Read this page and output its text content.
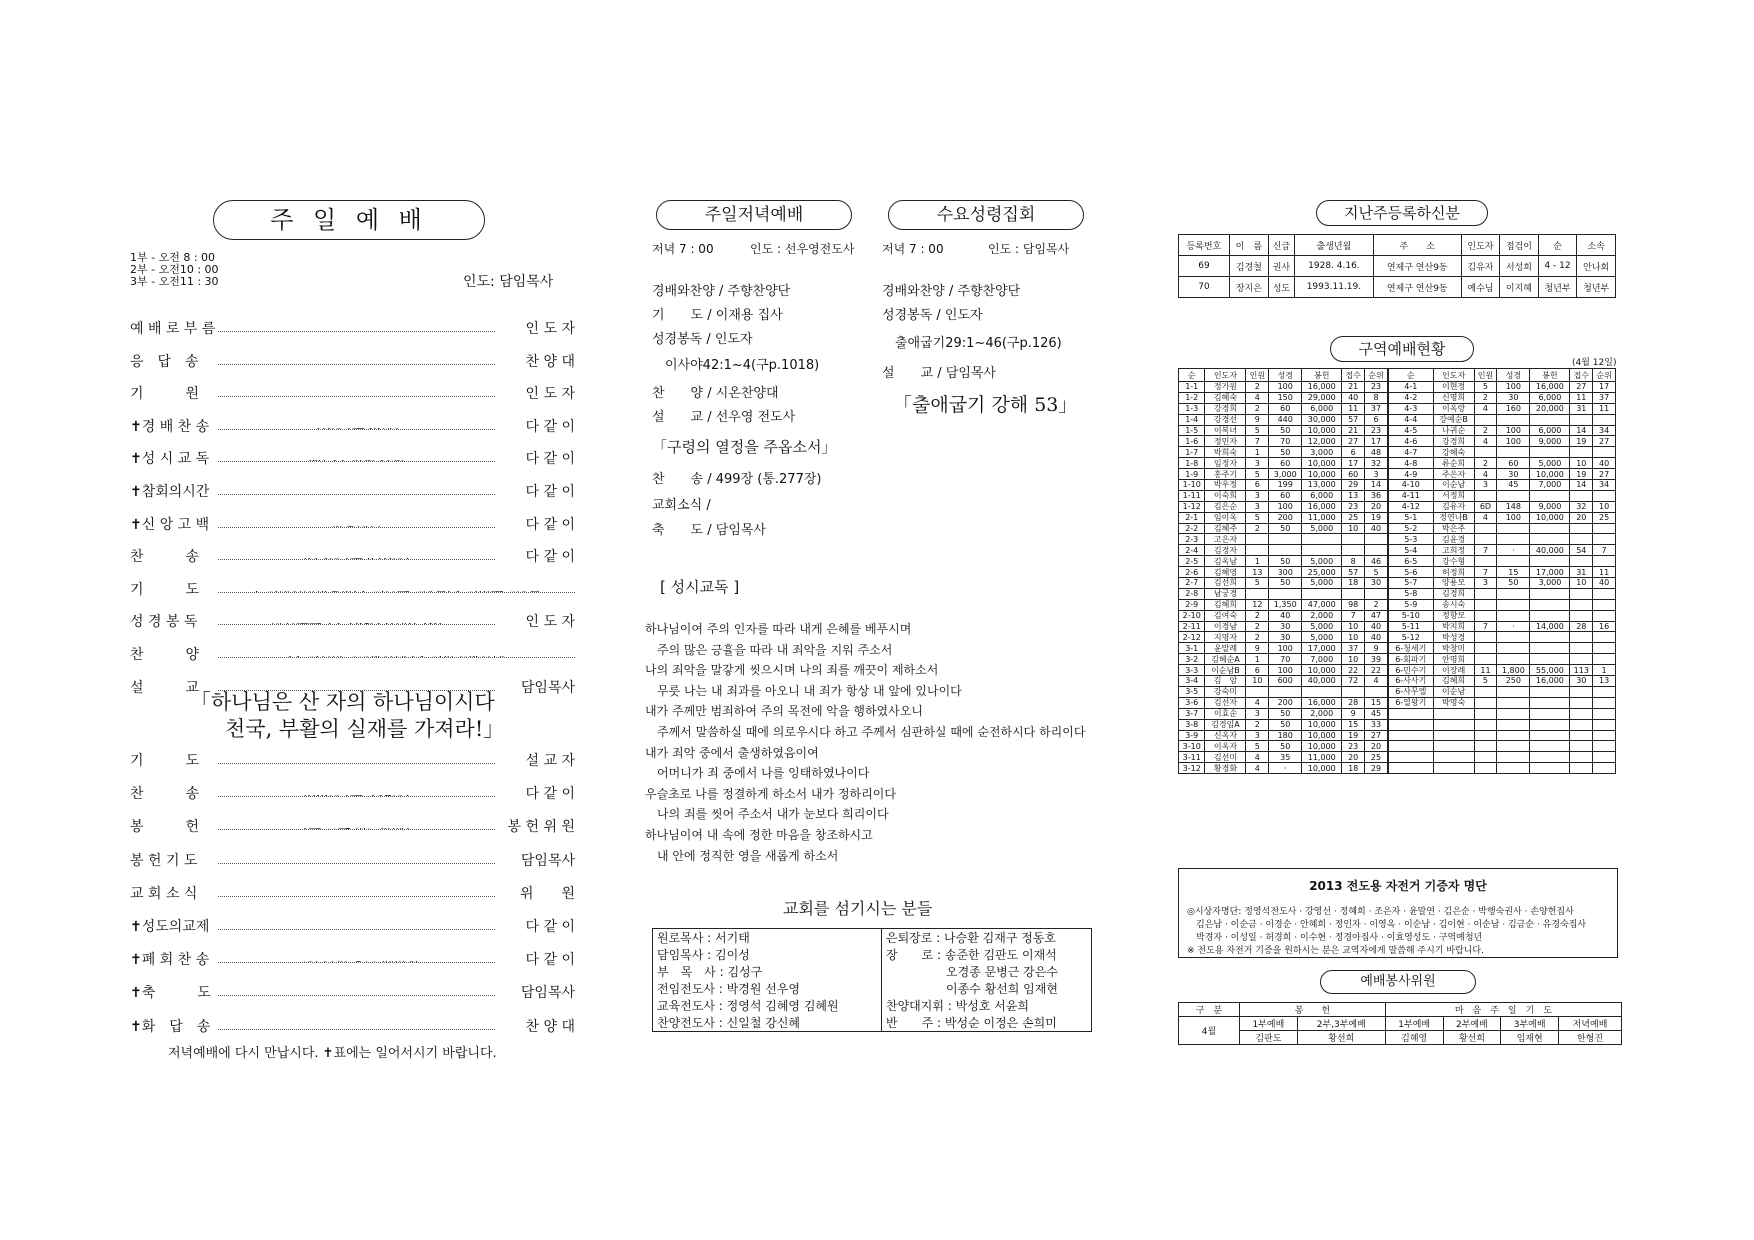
주 일 예 배
1부 - 오전 8 : 00
2부 - 오전10 : 00
3부 - 오전11 : 30	인도: 담임목사
예 배 로 부 름	인 도 자
응　답　송	찬 양 대
기　　　원	인 도 자
✝경 배 찬 송	다 같 이
✝성 시 교 독	다 같 이
✝참회의시간	다 같 이
✝신 앙 고 백	다 같 이
찬　　　송	다 같 이
기　　　도
성 경 봉 독	인 도 자
찬　　　양
설　　　교	담임목사
「하나님은 산 자의 하나님이시다
천국, 부활의 실재를 가져라!」
기　　　도	설 교 자
찬　　　송	다 같 이
봉　　　헌	봉 헌 위 원
봉 헌 기 도	담임목사
교 회 소 식	위　　원
✝성도의교제	다 같 이
✝폐 회 찬 송	다 같 이
✝축　　　도	담임목사
✝화　답　송	찬 양 대
저녁예배에 다시 만납시다. ✝표에는 일어서시기 바랍니다.
주일저녁예배	수요성령집회
저녁 7 : 00	인도 : 선우영전도사 저녁 7 : 00	인도 : 담임목사
경배와찬양 / 주향찬양단
기　　도 / 이재용 집사
성경봉독 / 인도자
　이사야42:1~4(구p.1018)
찬　　양 / 시온찬양대
설　　교 / 선우영 전도사
「구령의 열정을 주옵소서」
찬　　송 / 499장 (통.277장)
교회소식 /
축　　도 / 담임목사
경배와찬양 / 주향찬양단
성경봉독 / 인도자
　출애굽기29:1~46(구p.126)
설　　교 / 담임목사
「출애굽기 강해 53」
[ 성시교독 ]
하나님이여 주의 인자를 따라 내게 은혜를 베푸시며
　주의 많은 긍휼을 따라 내 죄악을 지워 주소서
나의 죄악을 말갛게 씻으시며 나의 죄를 깨끗이 제하소서
　무릇 나는 내 죄과를 아오니 내 죄가 항상 내 앞에 있나이다
내가 주께만 범죄하여 주의 목전에 악을 행하였사오니
　주께서 말씀하실 때에 의로우시다 하고 주께서 심판하실 때에 순전하시다 하리이다
내가 죄악 중에서 출생하였음이여
　어머니가 죄 중에서 나를 잉태하였나이다
우슬초로 나를 정결하게 하소서 내가 정하리이다
　나의 죄를 씻어 주소서 내가 눈보다 희리이다
하나님이여 내 속에 정한 마음을 창조하시고
　내 안에 정직한 영을 새롭게 하소서
교회를 섬기시는 분들
원로목사 : 서기태	은퇴장로 : 나승환 김재구 정동호
담임목사 : 김이성	장　　로 : 송준한 김판도 이재석
부　목　사 : 김성구	　　　　　오경종 문병근 강은수
전임전도사 : 박경원 선우영	　　　　　이종수 황선희 임재현
교육전도사 : 정영석 김혜영 김혜원	찬양대지휘 : 박성호 서윤희
찬양전도사 : 신일철 강신혜	반　　주 : 박성순 이정은 손희미
지난주등록하신분
등록번호	이　름	신급	출생년월	주　　소	인도자	접검이	순	소속
69	김경철	권사	1928. 4.16.	연제구 연산9동	김유자	서성희	4 - 12	안나회
70	장지은	성도	1993.11.19.	연제구 연산9동	예수님	이지혜	청년부	청년부
구역예배현황
(4월 12일)
순	인도자	인원	성경	봉헌	접수	순위	순	인도자	인원	성경	봉헌	접수	순위
1-1	정가원	2	100	16,000	21	23	4-1	이현정	5	100	16,000	27	17
1-2	김혜숙	4	150	29,000	40	8	4-2	신명희	2	30	6,000	11	37
1-3	강경희	2	60	6,000	11	37	4-3	이옥랑	4	160	20,000	31	11
1-4	강경선	9	440	30,000	57	6	4-4	강예순B					
1-5	이복녀	5	50	10,000	21	23	4-5	나귀순	2	100	6,000	14	34
1-6	정민자	7	70	12,000	27	17	4-6	강경희	4	100	9,000	19	27
1-7	박희숙	1	50	3,000	6	48	4-7	강혜숙					
1-8	임정자	3	60	10,000	17	32	4-8	류순희	2	60	5,000	10	40
1-9	홍주기	5	3,000	10,000	60	3	4-9	주은자	4	30	10,000	19	27
1-10	박우정	6	199	13,000	29	14	4-10	이순남	3	45	7,000	14	34
1-11	이숙희	3	60	6,000	13	36	4-11	서정희					
1-12	김은순	3	100	16,000	23	20	4-12	김유자	6D	148	9,000	32	10
2-1	임이옥	5	200	11,000	25	19	5-1	정연나B	4	100	10,000	20	25
2-2	김혜주	2	50	5,000	10	40	5-2	박은주					
2-3	고은자						5-3	김윤경					
2-4	김경자						5-4	고희정	7	·	40,000	54	7
2-5	김옥남	1	50	5,000	8	46	6-5	강수형					
2-6	김혜영	13	300	25,000	57	5	5-6	허정희	7	15	17,000	31	11
2-7	김선희	5	50	5,000	18	30	5-7	양용모	3	50	3,000	10	40
2-8	남궁경						5-8	김경희					
2-9	김혜희	12	1,350	47,000	98	2	5-9	송시숙					
2-10	김여숙	2	40	2,000	7	47	5-10	정향모					
2-11	이경남	2	30	5,000	10	40	5-11	박지희	7	·	14,000	28	16
2-12	지명자	2	30	5,000	10	40	5-12	박성경					
3-1	윤말례	9	100	17,000	37	9	6-청세기	박창미					
3-2	김혜순A	1	70	7,000	10	39	6-회파기	안명희					
3-3	이순남B	6	100	10,000	22	22	6-민수기	이장례	11	1,800	55,000	113	1
3-4	김　암	10	600	40,000	72	4	6-사사기	김혜희	5	250	16,000	30	13
3-5	강숙미						6-사무엘	이순남					
3-6	김선자	4	200	16,000	28	15	6-열왕기	박명숙					
3-7	이효순	3	50	2,000	9	45							
3-8	김경임A	2	50	10,000	15	33							
3-9	신옥자	3	180	10,000	19	27							
3-10	이옥자	5	50	10,000	23	20							
3-11	김선미	4	35	11,000	20	25							
3-12	황경화	4	·	10,000	18	29							
2013 전도용 자전거 기증자 명단
◎시상자명단: 정영석전도사 · 강영선 · 정혜희 · 조은자 · 윤말연 · 김은순 · 박행숙권사 · 손양헌집사
　김은남 · 이순금 · 이경순 · 안혜희 · 정인자 · 이영옥 · 이순남 · 김이현 · 이순남 · 김금순 · 유경숙집사
　박경자 · 이성일 · 허경희 · 이수현 · 정경아집사 · 이효영성도 · 구역예청년
※ 전도용 자전거 기증을 원하시는 분은 교역자에게 말씀해 주시기 바랍니다.
예배봉사위원
구　분	봉　　헌		마　음　주　일　기　도			
4월	1부예배	2부,3부예배	1부예배	2부예배	3부예배	저녁예배
	김판도	황선희	김혜영	황선희	임재현	한형진
